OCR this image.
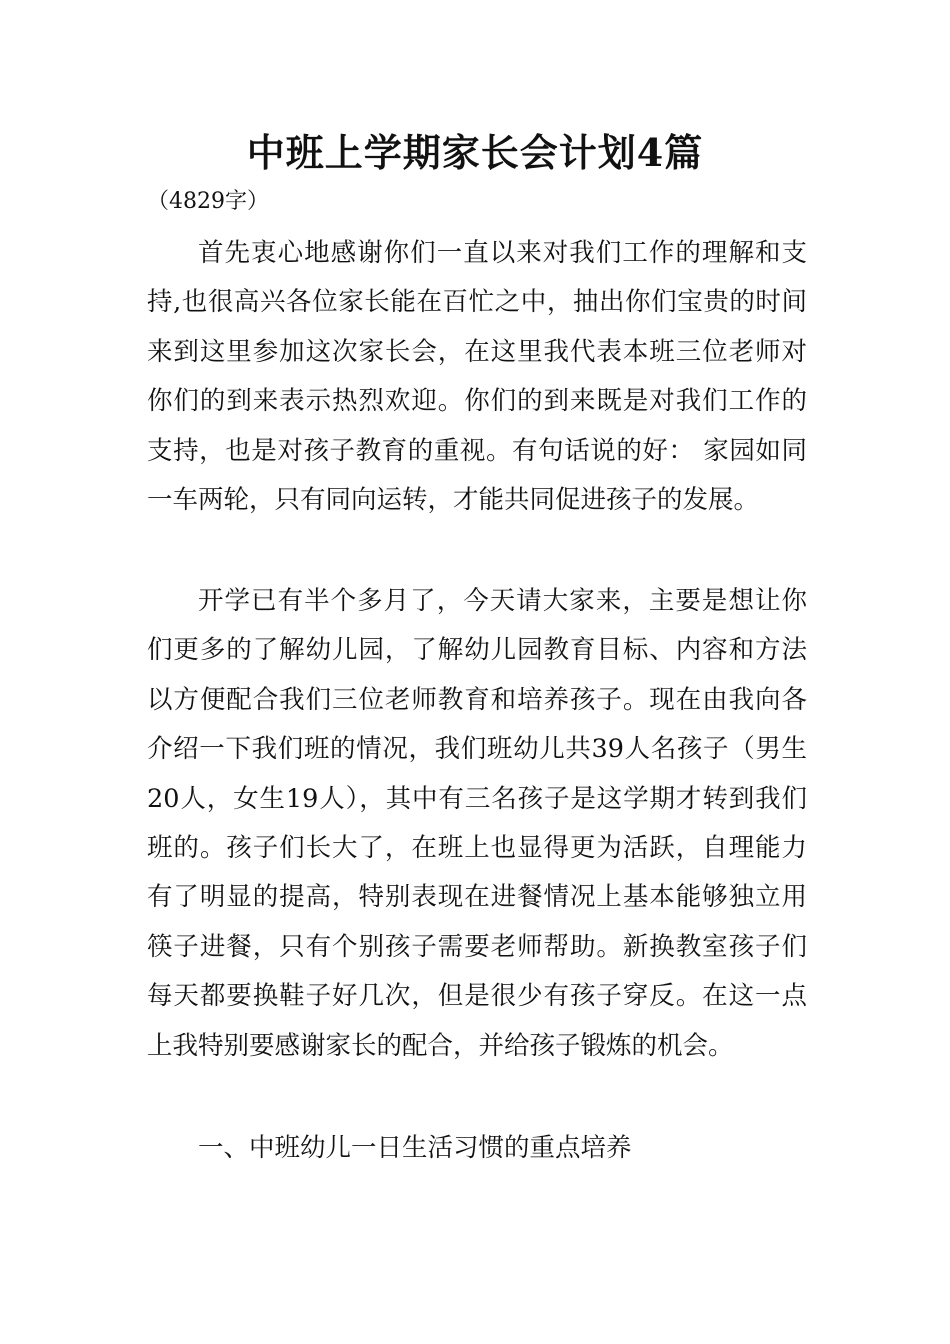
中班上学期家长会计划4篇

（4829字）

首先衷心地感谢你们一直以来对我们工作的理解和支持,也很高兴各位家长能在百忙之中，抽出你们宝贵的时间来到这里参加这次家长会，在这里我代表本班三位老师对你们的到来表示热烈欢迎。你们的到来既是对我们工作的支持，也是对孩子教育的重视。有句话说的好： 家园如同一车两轮，只有同向运转，才能共同促进孩子的发展。

开学已有半个多月了，今天请大家来，主要是想让你们更多的了解幼儿园，了解幼儿园教育目标、内容和方法以方便配合我们三位老师教育和培养孩子。现在由我向各介绍一下我们班的情况，我们班幼儿共39人名孩子（男生20人，女生19人），其中有三名孩子是这学期才转到我们班的。孩子们长大了，在班上也显得更为活跃，自理能力有了明显的提高，特别表现在进餐情况上基本能够独立用筷子进餐，只有个别孩子需要老师帮助。新换教室孩子们每天都要换鞋子好几次，但是很少有孩子穿反。在这一点上我特别要感谢家长的配合，并给孩子锻炼的机会。

一、中班幼儿一日生活习惯的重点培养
